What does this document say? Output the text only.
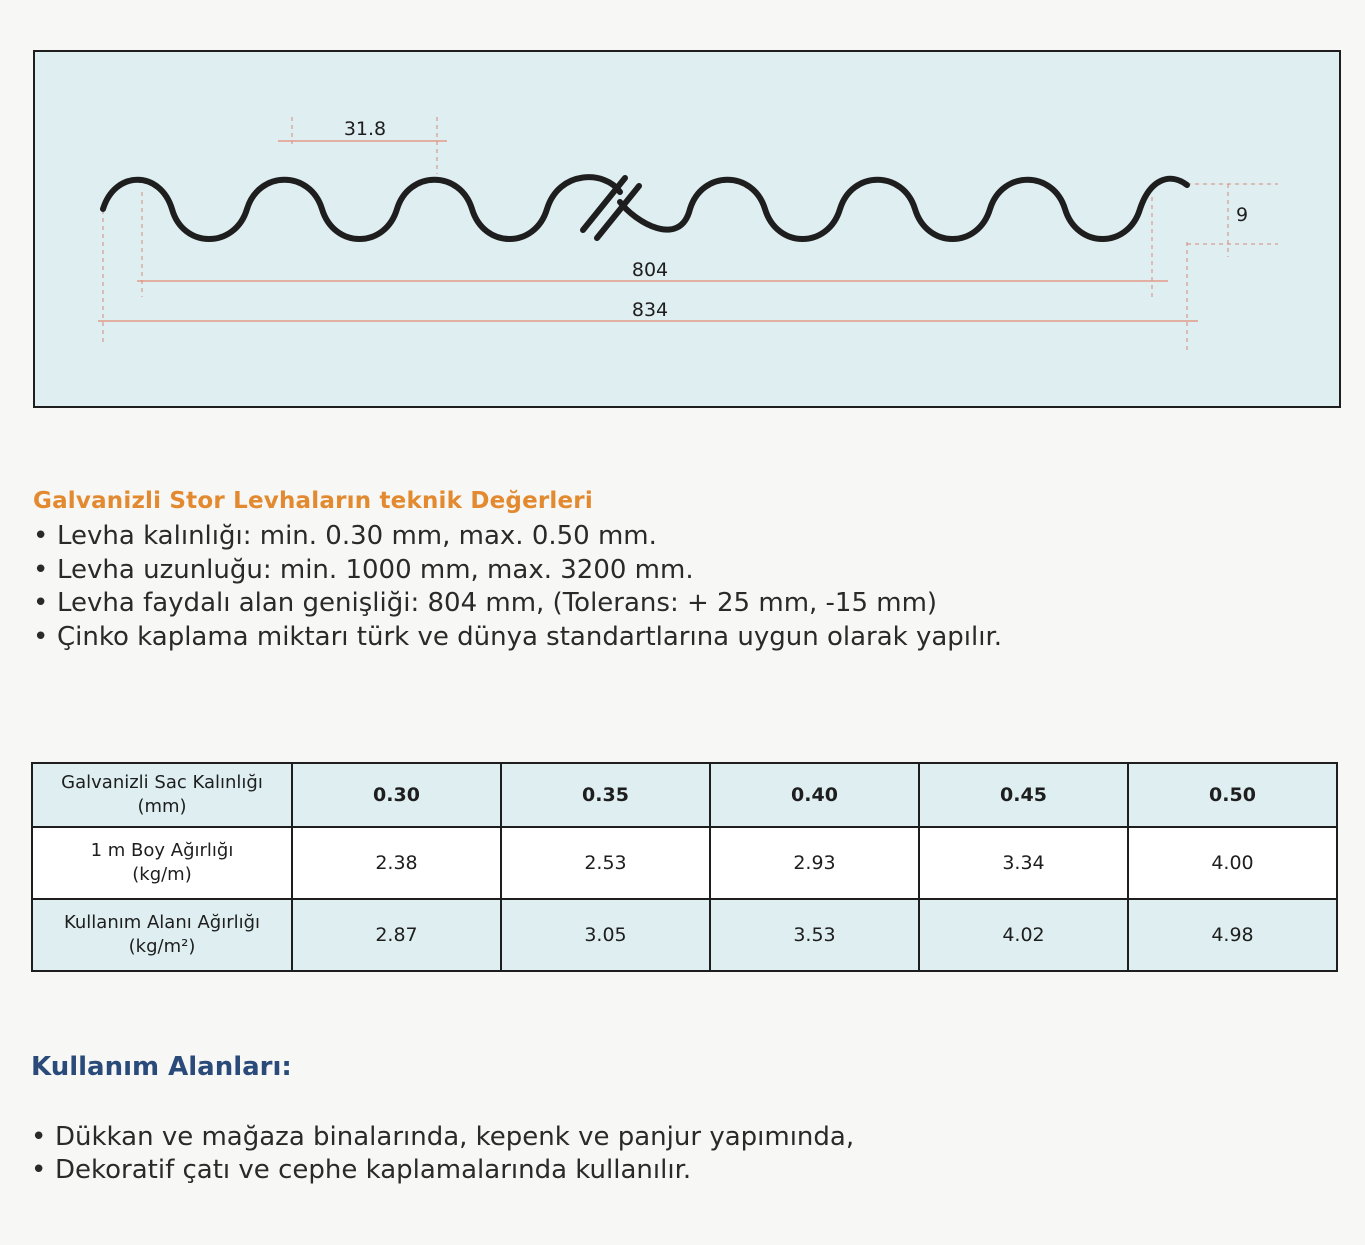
31.8
9
804
834
Galvanizli Stor Levhaların teknik Değerleri
• Levha kalınlığı: min. 0.30 mm, max. 0.50 mm.
• Levha uzunluğu: min. 1000 mm, max. 3200 mm.
• Levha faydalı alan genişliği: 804 mm, (Tolerans: + 25 mm, -15 mm)
• Çinko kaplama miktarı türk ve dünya standartlarına uygun olarak yapılır.
Galvanizli Sac Kalınlığı
(mm)	0.30	0.35	0.40	0.45	0.50

1 m Boy Ağırlığı
(kg/m)	2.38	2.53	2.93	3.34	4.00

Kullanım Alanı Ağırlığı
(kg/m²)	2.87	3.05	3.53	4.02	4.98
Kullanım Alanları:
• Dükkan ve mağaza binalarında, kepenk ve panjur yapımında,
• Dekoratif çatı ve cephe kaplamalarında kullanılır.
